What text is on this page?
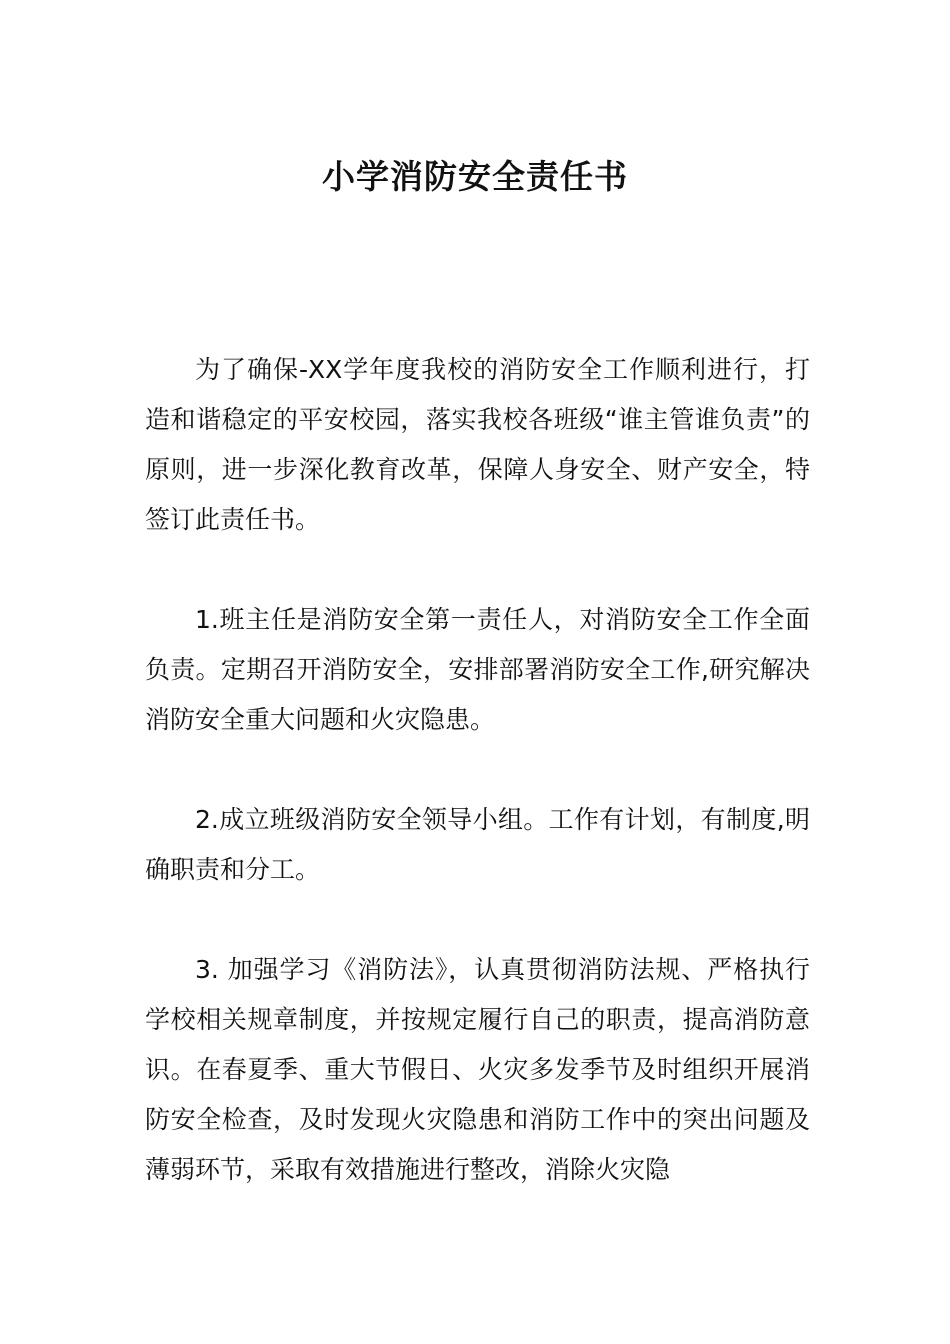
小学消防安全责任书

为了确保-XX学年度我校的消防安全工作顺利进行，打造和谐稳定的平安校园，落实我校各班级“谁主管谁负责”的原则，进一步深化教育改革，保障人身安全、财产安全，特签订此责任书。

1.班主任是消防安全第一责任人，对消防安全工作全面负责。定期召开消防安全，安排部署消防安全工作,研究解决消防安全重大问题和火灾隐患。

2.成立班级消防安全领导小组。工作有计划，有制度,明确职责和分工。

3. 加强学习《消防法》，认真贯彻消防法规、严格执行学校相关规章制度，并按规定履行自己的职责，提高消防意识。在春夏季、重大节假日、火灾多发季节及时组织开展消防安全检查，及时发现火灾隐患和消防工作中的突出问题及薄弱环节，采取有效措施进行整改，消除火灾隐
